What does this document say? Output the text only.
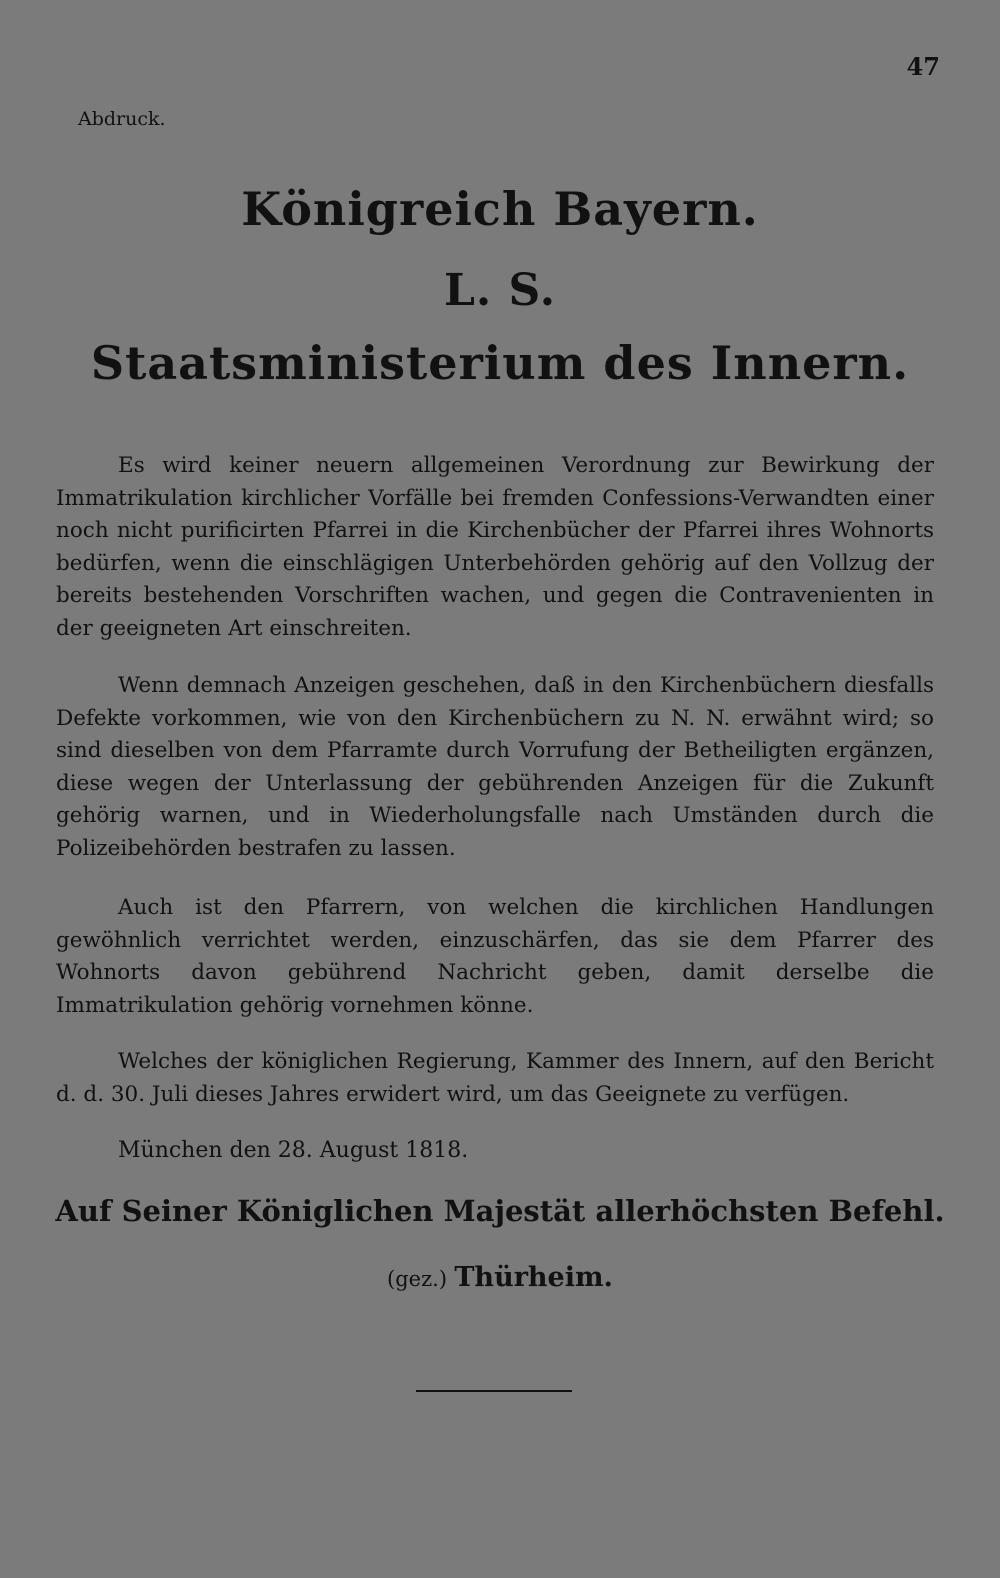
47
Abdruck.
Königreich Bayern.
L. S.
Staatsministerium des Innern.
Es wird keiner neuern allgemeinen Verordnung zur Bewirkung der Immatrikulation kirchlicher Vorfälle bei fremden Confessions-Verwandten einer noch nicht purificirten Pfarrei in die Kirchenbücher der Pfarrei ihres Wohnorts bedürfen, wenn die einschlägigen Unterbehörden gehörig auf den Vollzug der bereits bestehenden Vorschriften wachen, und gegen die Contravenienten in der geeigneten Art einschreiten.
Wenn demnach Anzeigen geschehen, daß in den Kirchenbüchern diesfalls Defekte vorkommen, wie von den Kirchenbüchern zu N. N. erwähnt wird; so sind dieselben von dem Pfarramte durch Vorrufung der Betheiligten ergänzen, diese wegen der Unterlassung der gebührenden Anzeigen für die Zukunft gehörig warnen, und in Wiederholungsfalle nach Umständen durch die Polizeibehörden bestrafen zu lassen.
Auch ist den Pfarrern, von welchen die kirchlichen Handlungen gewöhnlich verrichtet werden, einzuschärfen, das sie dem Pfarrer des Wohnorts davon gebührend Nachricht geben, damit derselbe die Immatrikulation gehörig vornehmen könne.
Welches der königlichen Regierung, Kammer des Innern, auf den Bericht d. d. 30. Juli dieses Jahres erwidert wird, um das Geeignete zu verfügen.
München den 28. August 1818.
Auf Seiner Königlichen Majestät allerhöchsten Befehl.
(gez.) Thürheim.
